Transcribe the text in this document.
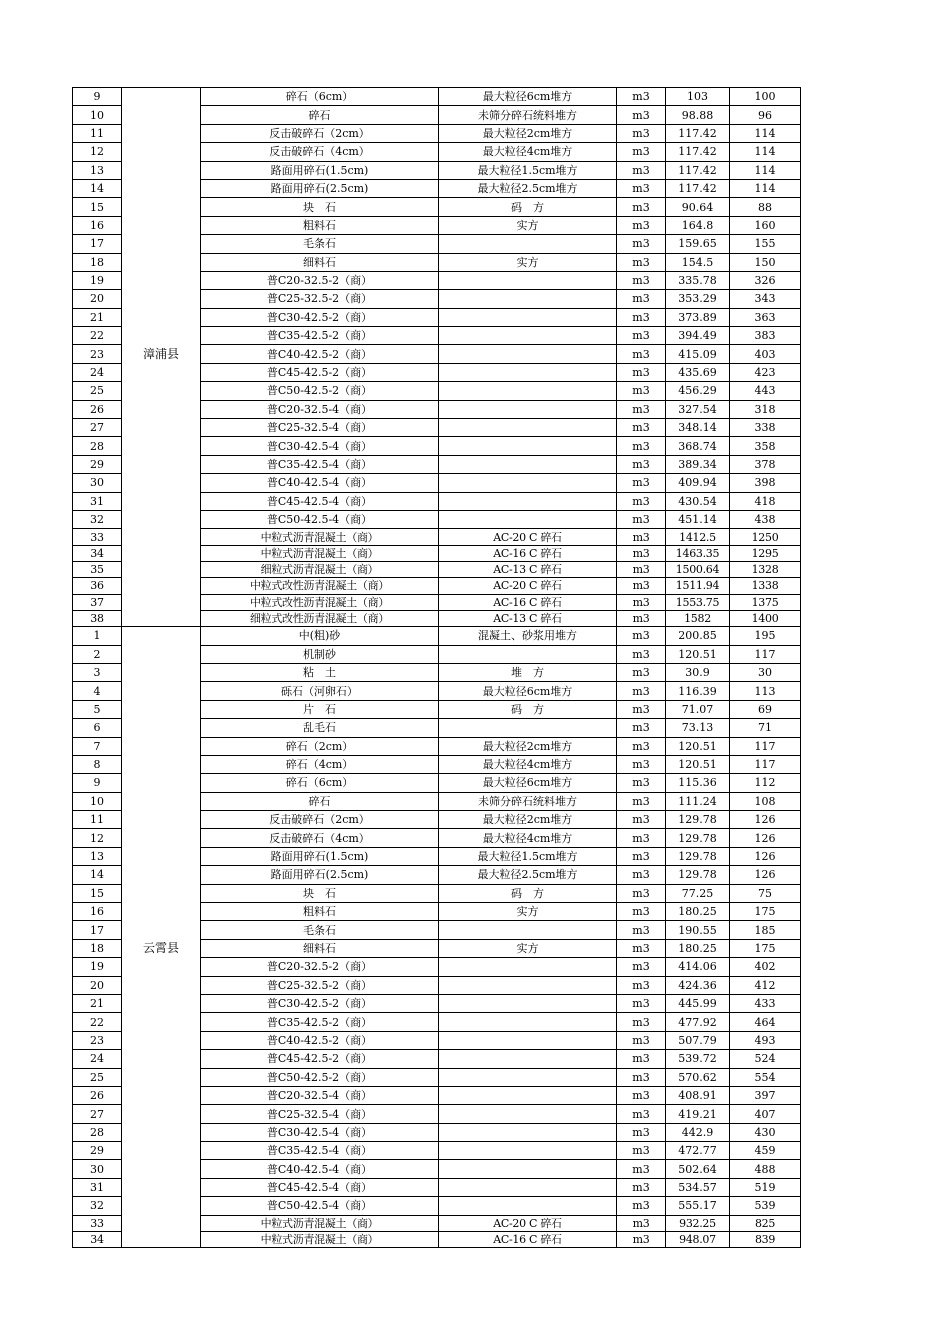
9		碎石（6cm）	最大粒径6cm堆方	m3	103	100
10		碎石	未筛分碎石统料堆方	m3	98.88	96
11		反击破碎石（2cm）	最大粒径2cm堆方	m3	117.42	114
12		反击破碎石（4cm）	最大粒径4cm堆方	m3	117.42	114
13		路面用碎石(1.5cm)	最大粒径1.5cm堆方	m3	117.42	114
14		路面用碎石(2.5cm)	最大粒径2.5cm堆方	m3	117.42	114
15		块　石	码　方	m3	90.64	88
16		粗料石	实方	m3	164.8	160
17		毛条石		m3	159.65	155
18		细料石	实方	m3	154.5	150
19		普C20-32.5-2（商）		m3	335.78	326
20		普C25-32.5-2（商）		m3	353.29	343
21		普C30-42.5-2（商）		m3	373.89	363
22		普C35-42.5-2（商）		m3	394.49	383
23	漳浦县	普C40-42.5-2（商）		m3	415.09	403
24		普C45-42.5-2（商）		m3	435.69	423
25		普C50-42.5-2（商）		m3	456.29	443
26		普C20-32.5-4（商）		m3	327.54	318
27		普C25-32.5-4（商）		m3	348.14	338
28		普C30-42.5-4（商）		m3	368.74	358
29		普C35-42.5-4（商）		m3	389.34	378
30		普C40-42.5-4（商）		m3	409.94	398
31		普C45-42.5-4（商）		m3	430.54	418
32		普C50-42.5-4（商）		m3	451.14	438
33		中粒式沥青混凝土（商）	AC-20 C 碎石	m3	1412.5	1250
34		中粒式沥青混凝土（商）	AC-16 C 碎石	m3	1463.35	1295
35		细粒式沥青混凝土（商）	AC-13 C 碎石	m3	1500.64	1328
36		中粒式改性沥青混凝土（商）	AC-20 C 碎石	m3	1511.94	1338
37		中粒式改性沥青混凝土（商）	AC-16 C 碎石	m3	1553.75	1375
38		细粒式改性沥青混凝土（商）	AC-13 C 碎石	m3	1582	1400
1		中(粗)砂	混凝土、砂浆用堆方	m3	200.85	195
2		机制砂		m3	120.51	117
3		粘　土	堆　方	m3	30.9	30
4		砾石（河卵石）	最大粒径6cm堆方	m3	116.39	113
5		片　石	码　方	m3	71.07	69
6		乱毛石		m3	73.13	71
7		碎石（2cm）	最大粒径2cm堆方	m3	120.51	117
8		碎石（4cm）	最大粒径4cm堆方	m3	120.51	117
9		碎石（6cm）	最大粒径6cm堆方	m3	115.36	112
10		碎石	未筛分碎石统料堆方	m3	111.24	108
11		反击破碎石（2cm）	最大粒径2cm堆方	m3	129.78	126
12		反击破碎石（4cm）	最大粒径4cm堆方	m3	129.78	126
13		路面用碎石(1.5cm)	最大粒径1.5cm堆方	m3	129.78	126
14		路面用碎石(2.5cm)	最大粒径2.5cm堆方	m3	129.78	126
15		块　石	码　方	m3	77.25	75
16		粗料石	实方	m3	180.25	175
17		毛条石		m3	190.55	185
18	云霄县	细料石	实方	m3	180.25	175
19		普C20-32.5-2（商）		m3	414.06	402
20		普C25-32.5-2（商）		m3	424.36	412
21		普C30-42.5-2（商）		m3	445.99	433
22		普C35-42.5-2（商）		m3	477.92	464
23		普C40-42.5-2（商）		m3	507.79	493
24		普C45-42.5-2（商）		m3	539.72	524
25		普C50-42.5-2（商）		m3	570.62	554
26		普C20-32.5-4（商）		m3	408.91	397
27		普C25-32.5-4（商）		m3	419.21	407
28		普C30-42.5-4（商）		m3	442.9	430
29		普C35-42.5-4（商）		m3	472.77	459
30		普C40-42.5-4（商）		m3	502.64	488
31		普C45-42.5-4（商）		m3	534.57	519
32		普C50-42.5-4（商）		m3	555.17	539
33		中粒式沥青混凝土（商）	AC-20 C 碎石	m3	932.25	825
34		中粒式沥青混凝土（商）	AC-16 C 碎石	m3	948.07	839
